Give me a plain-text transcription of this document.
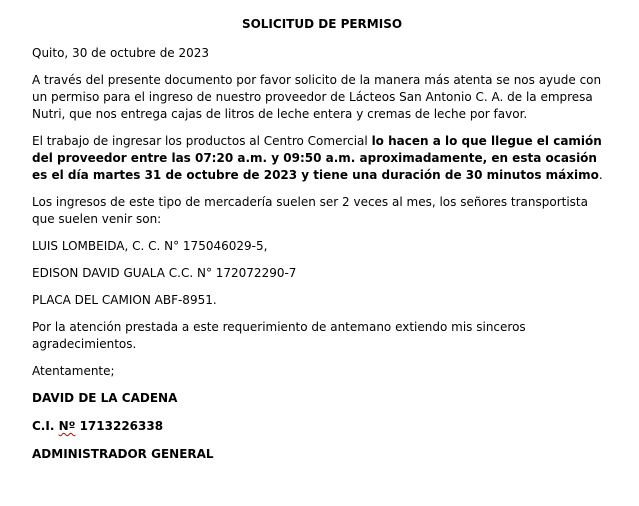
SOLICITUD DE PERMISO

Quito, 30 de octubre de 2023

A través del presente documento por favor solicito de la manera más atenta se nos ayude con un permiso para el ingreso de nuestro proveedor de Lácteos San Antonio C. A. de la empresa Nutri, que nos entrega cajas de litros de leche entera y cremas de leche por favor.

El trabajo de ingresar los productos al Centro Comercial lo hacen a lo que llegue el camión del proveedor entre las 07:20 a.m. y 09:50 a.m. aproximadamente, en esta ocasión es el día martes 31 de octubre de 2023 y tiene una duración de 30 minutos máximo.

Los ingresos de este tipo de mercadería suelen ser 2 veces al mes, los señores transportista que suelen venir son:

LUIS LOMBEIDA, C. C. N° 175046029-5,

EDISON DAVID GUALA C.C. N° 172072290-7

PLACA DEL CAMION ABF-8951.

Por la atención prestada a este requerimiento de antemano extiendo mis sinceros agradecimientos.

Atentamente;

DAVID DE LA CADENA
C.I. Nº 1713226338
ADMINISTRADOR GENERAL
